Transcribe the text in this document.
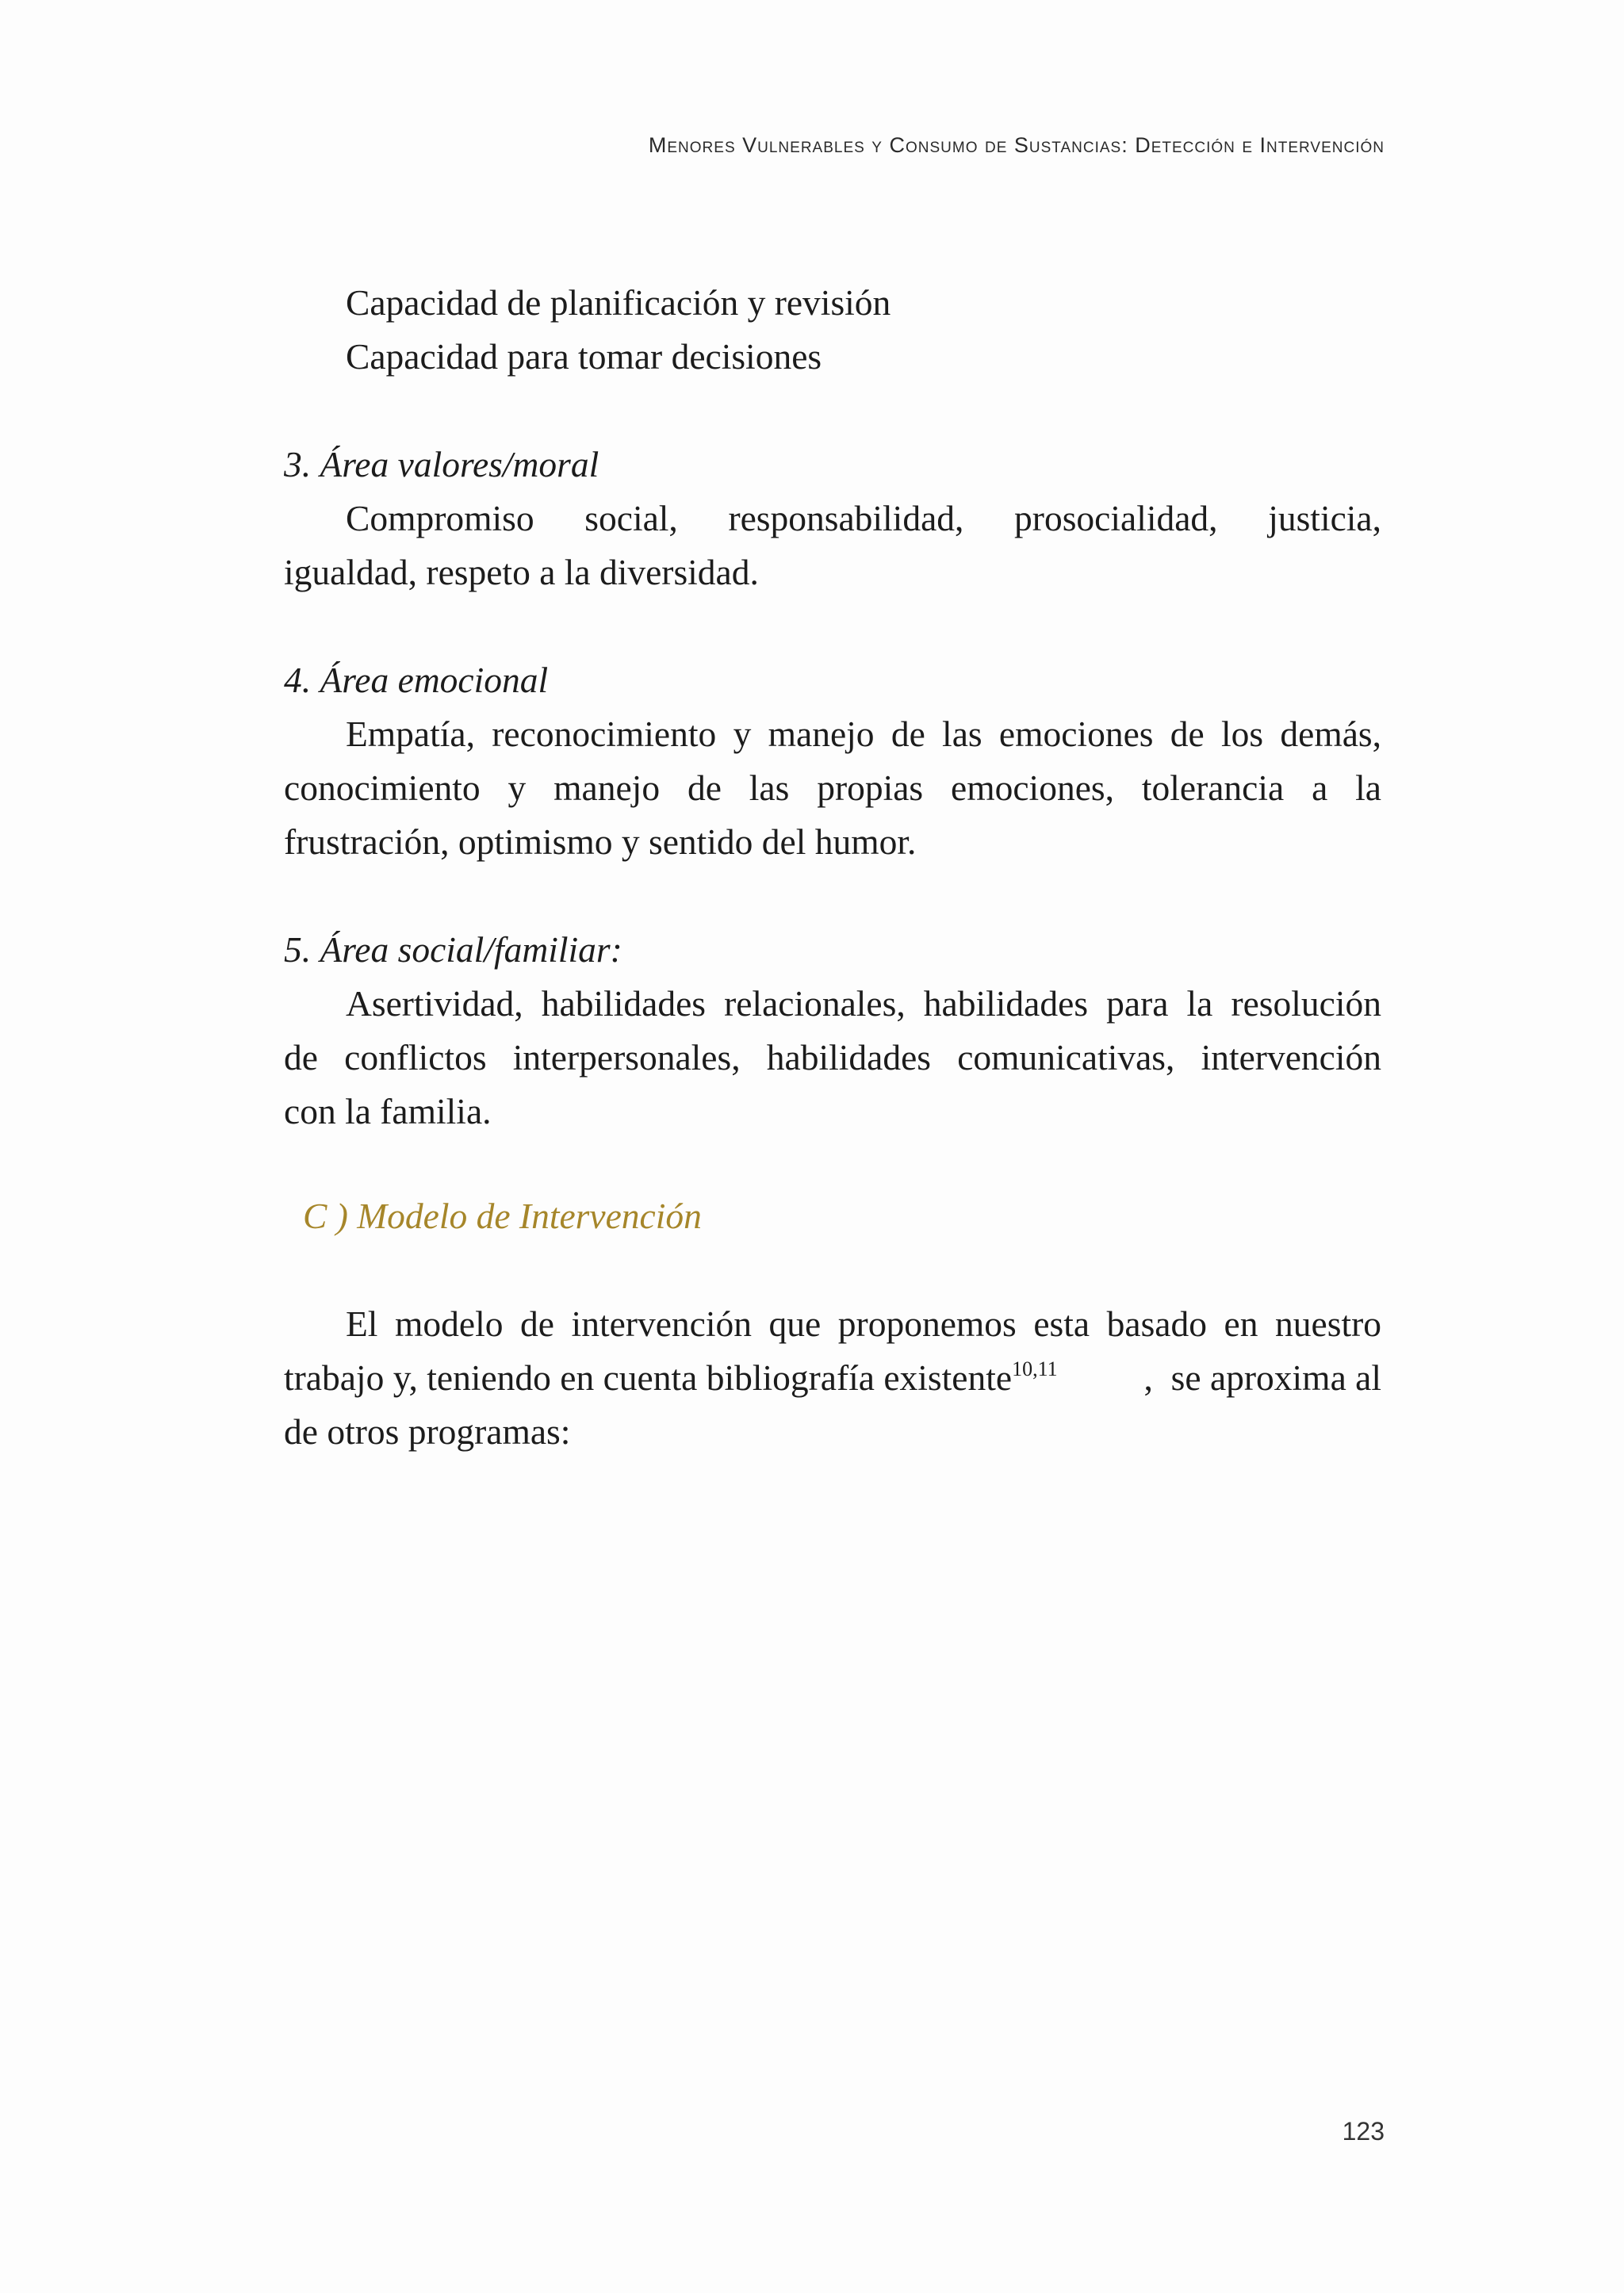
Menores Vulnerables y Consumo de Sustancias: Detección e Intervención
Capacidad de planificación y revisión
Capacidad para tomar decisiones
3. Área valores/moral
Compromiso social, responsabilidad, prosocialidad, justicia,
igualdad, respeto a la diversidad.
4. Área emocional
Empatía, reconocimiento y manejo de las emociones de los demás,
conocimiento y manejo de las propias emociones, tolerancia a la
frustración, optimismo y sentido del humor.
5. Área social/familiar:
Asertividad, habilidades relacionales, habilidades para la resolución
de conflictos interpersonales, habilidades comunicativas, intervención
con la familia.
C ) Modelo de Intervención
El modelo de intervención que proponemos esta basado en nuestro
trabajo y, teniendo en cuenta bibliografía existente$^{10,11}$ ,  se aproxima al
de otros programas:
123
